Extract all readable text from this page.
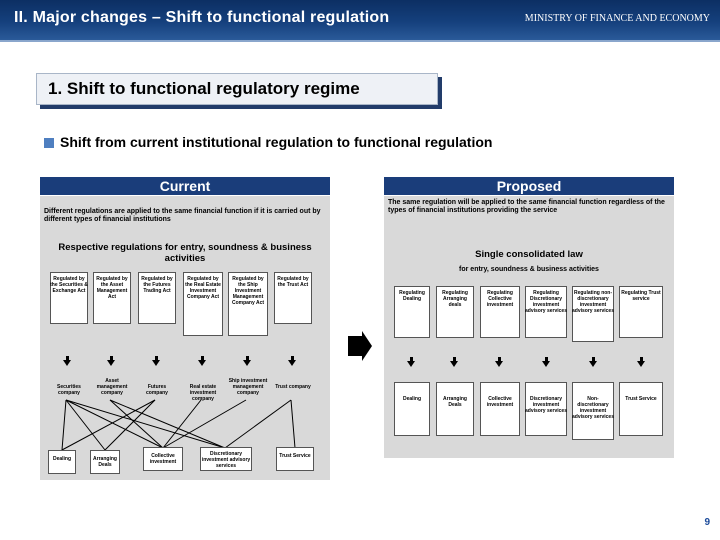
II. Major changes – Shift to functional regulation	MINISTRY OF FINANCE AND ECONOMY
1. Shift to functional regulatory regime
Shift from current institutional regulation to functional regulation
Current	Proposed
Different regulations are applied to the same financial function if it is carried out by different types of financial institutions
Respective regulations for entry, soundness & business activities
Regulated by the Securities & Exchange Act
Regulated by the Asset Management Act
Regulated by the Futures Trading Act
Regulated by the Real Estate Investment Company Act
Regulated by the Ship Investment Management Company Act
Regulated by the Trust Act
Securities company
Asset management company
Futures company
Real estate investment company
Ship investment management company
Trust company
Dealing	Arranging Deals
Collective investment
Discretionary investment advisory services
Trust Service
The same regulation will be applied to the same financial function regardless of the types of financial institutions providing the service
Single consolidated law
for entry, soundness & business activities
Regulating Dealing
Regulating Arranging deals
Regulating Collective investment
Regulating Discretionary investment advisory services
Regulating non-discretionary investment advisory services
Regulating Trust service
Dealing	Arranging Deals
Collective investment
Discretionary investment advisory services
Non-discretionary investment advisory services
Trust Service
9
